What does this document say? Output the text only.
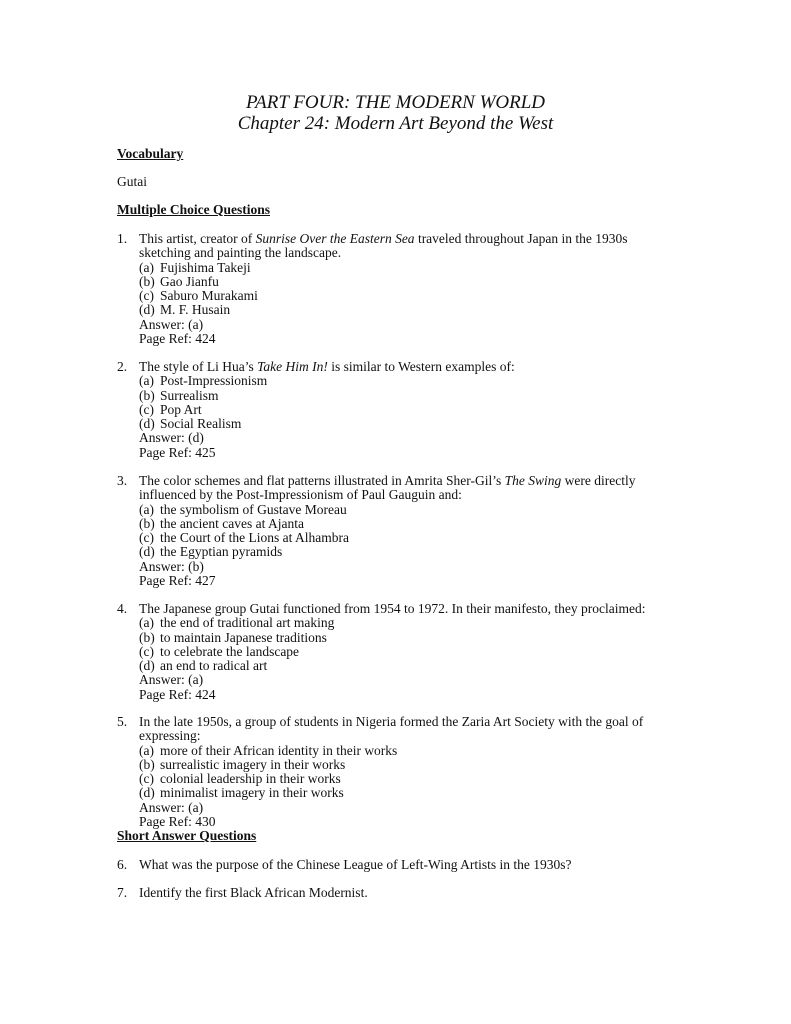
PART FOUR: THE MODERN WORLD
Chapter 24: Modern Art Beyond the West
Vocabulary
Gutai
Multiple Choice Questions
1. This artist, creator of Sunrise Over the Eastern Sea traveled throughout Japan in the 1930s
sketching and painting the landscape.
(a) Fujishima Takeji
(b) Gao Jianfu
(c) Saburo Murakami
(d) M. F. Husain
Answer: (a)
Page Ref: 424
2. The style of Li Hua’s Take Him In! is similar to Western examples of:
(a) Post-Impressionism
(b) Surrealism
(c) Pop Art
(d) Social Realism
Answer: (d)
Page Ref: 425
3. The color schemes and flat patterns illustrated in Amrita Sher-Gil’s The Swing were directly
influenced by the Post-Impressionism of Paul Gauguin and:
(a) the symbolism of Gustave Moreau
(b) the ancient caves at Ajanta
(c) the Court of the Lions at Alhambra
(d) the Egyptian pyramids
Answer: (b)
Page Ref: 427
4. The Japanese group Gutai functioned from 1954 to 1972. In their manifesto, they proclaimed:
(a) the end of traditional art making
(b) to maintain Japanese traditions
(c) to celebrate the landscape
(d) an end to radical art
Answer: (a)
Page Ref: 424
5. In the late 1950s, a group of students in Nigeria formed the Zaria Art Society with the goal of
expressing:
(a) more of their African identity in their works
(b) surrealistic imagery in their works
(c) colonial leadership in their works
(d) minimalist imagery in their works
Answer: (a)
Page Ref: 430
Short Answer Questions
6. What was the purpose of the Chinese League of Left-Wing Artists in the 1930s?
7. Identify the first Black African Modernist.
